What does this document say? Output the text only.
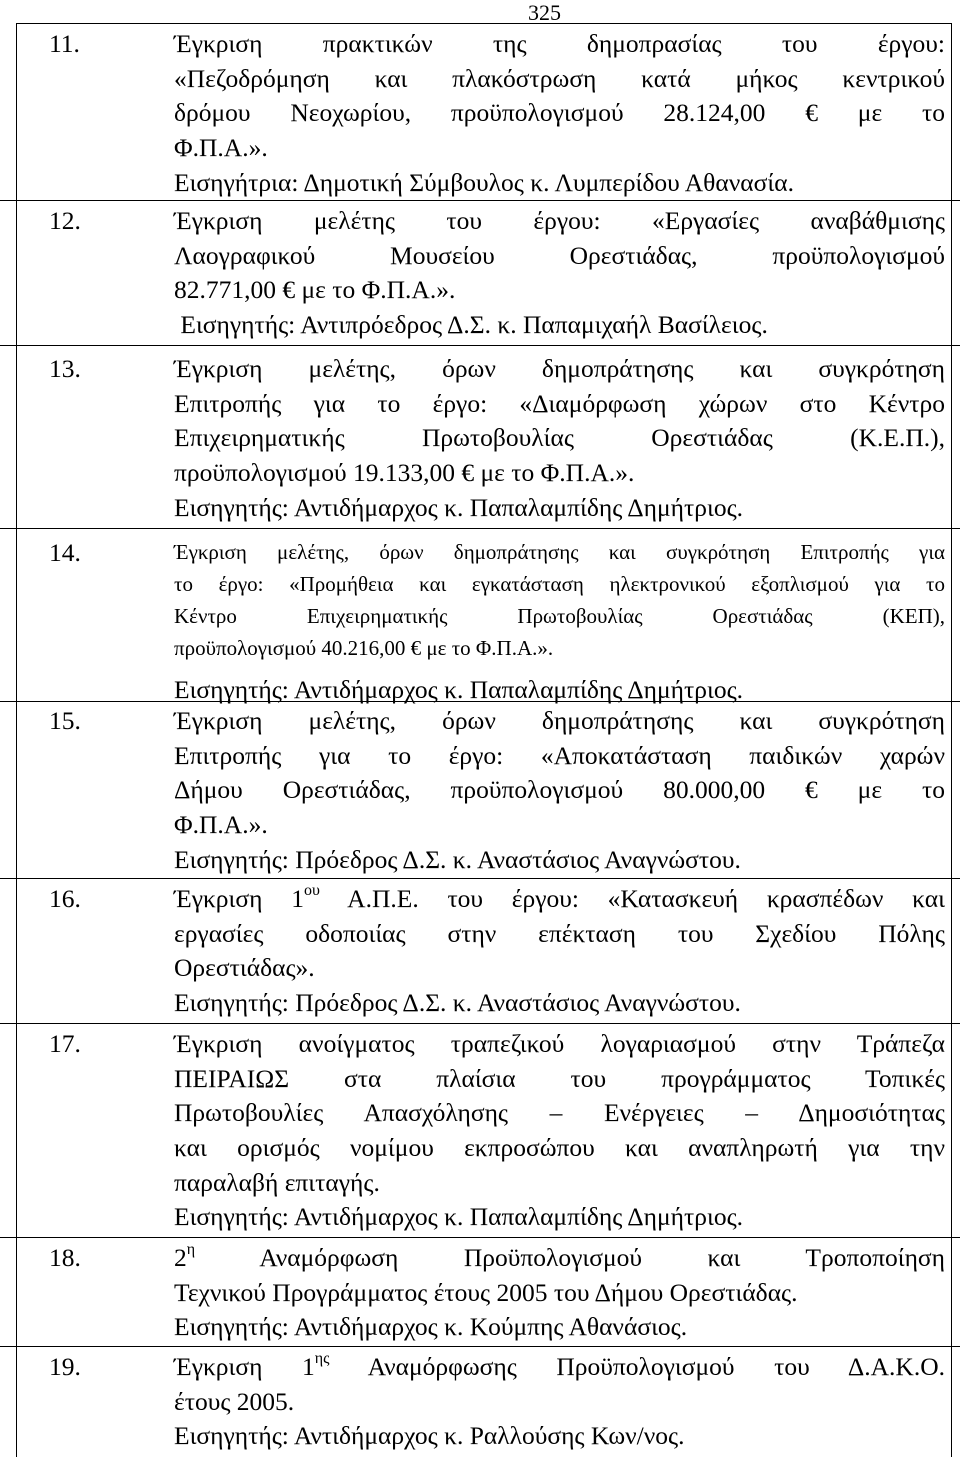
325
11.	Έγκριση πρακτικών της δημοπρασίας του έργου:
«Πεζοδρόμηση και πλακόστρωση κατά μήκος κεντρικού
δρόμου Νεοχωρίου, προϋπολογισμού 28.124,00 € με το
Φ.Π.Α.».
Εισηγήτρια: Δημοτική Σύμβουλος κ. Λυμπερίδου Αθανασία.
12.	Έγκριση μελέτης του έργου: «Εργασίες αναβάθμισης
Λαογραφικού Μουσείου Ορεστιάδας, προϋπολογισμού
82.771,00 € με το Φ.Π.Α.».
Εισηγητής: Αντιπρόεδρος Δ.Σ. κ. Παπαμιχαήλ Βασίλειος.
13.	Έγκριση μελέτης, όρων δημοπράτησης και συγκρότηση
Επιτροπής για το έργο: «Διαμόρφωση χώρων στο Κέντρο
Επιχειρηματικής Πρωτοβουλίας Ορεστιάδας (Κ.Ε.Π.),
προϋπολογισμού 19.133,00 € με το Φ.Π.Α.».
Εισηγητής: Αντιδήμαρχος κ. Παπαλαμπίδης Δημήτριος.
14.	Έγκριση μελέτης, όρων δημοπράτησης και συγκρότηση Επιτροπής για
το έργο: «Προμήθεια και εγκατάσταση ηλεκτρονικού εξοπλισμού για το
Κέντρο Επιχειρηματικής Πρωτοβουλίας Ορεστιάδας (ΚΕΠ),
προϋπολογισμού 40.216,00 € με το Φ.Π.Α.».
Εισηγητής: Αντιδήμαρχος κ. Παπαλαμπίδης Δημήτριος.
15.	Έγκριση μελέτης, όρων δημοπράτησης και συγκρότηση
Επιτροπής για το έργο: «Αποκατάσταση παιδικών χαρών
Δήμου Ορεστιάδας, προϋπολογισμού 80.000,00 € με το
Φ.Π.Α.».
Εισηγητής: Πρόεδρος Δ.Σ. κ. Αναστάσιος Αναγνώστου.
16.	Έγκριση $1^{o\upsilon}$ Α.Π.Ε. του έργου: «Κατασκευή κρασπέδων και
εργασίες οδοποιίας στην επέκταση του Σχεδίου Πόλης
Ορεστιάδας».
Εισηγητής: Πρόεδρος Δ.Σ. κ. Αναστάσιος Αναγνώστου.
17.	Έγκριση ανοίγματος τραπεζικού λογαριασμού στην Τράπεζα
ΠΕΙΡΑΙΩΣ στα πλαίσια του προγράμματος Τοπικές
Πρωτοβουλίες Απασχόλησης – Ενέργειες – Δημοσιότητας
και ορισμός νομίμου εκπροσώπου και αναπληρωτή για την
παραλαβή επιταγής.
Εισηγητής: Αντιδήμαρχος κ. Παπαλαμπίδης Δημήτριος.
18.	$2^\eta$ Αναμόρφωση Προϋπολογισμού και Τροποποίηση
Τεχνικού Προγράμματος έτους 2005 του Δήμου Ορεστιάδας.
Εισηγητής: Αντιδήμαρχος κ. Κούμπης Αθανάσιος.
19.	Έγκριση $1^{\eta\varsigma}$ Αναμόρφωσης Προϋπολογισμού του Δ.Α.Κ.Ο.
έτους 2005.
Εισηγητής: Αντιδήμαρχος κ. Ραλλούσης Κων/νος.
